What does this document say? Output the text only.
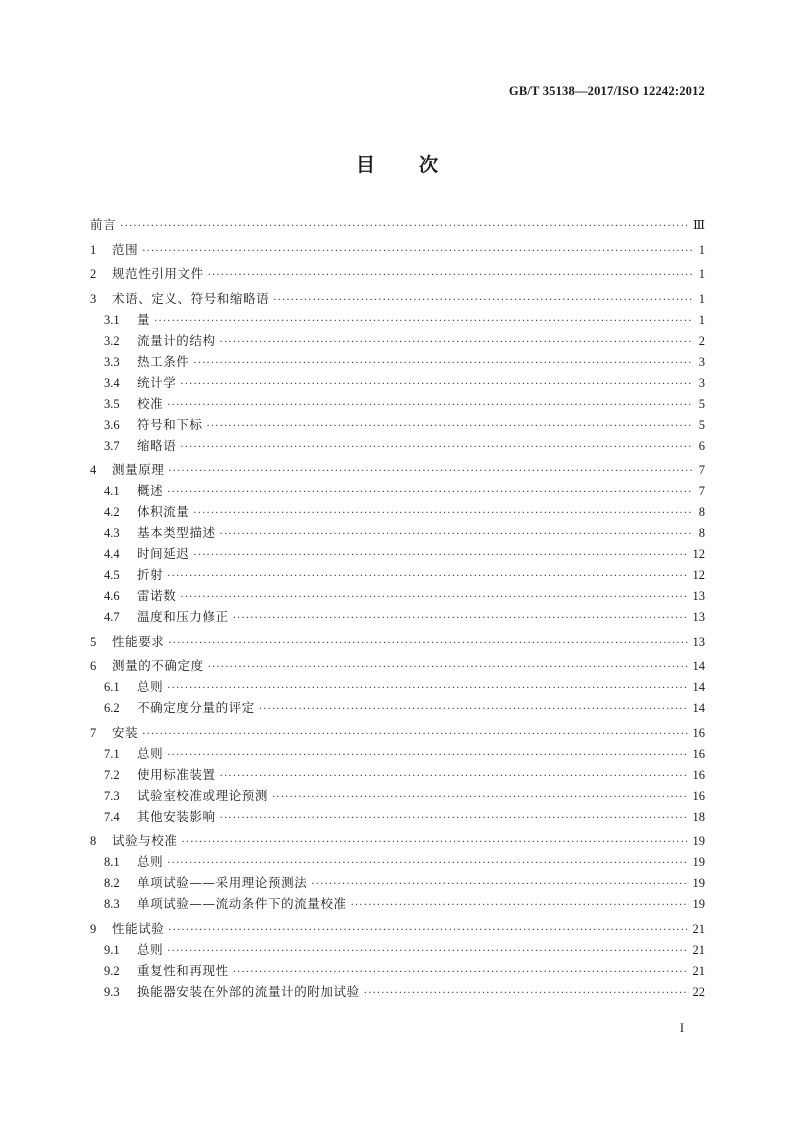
GB/T 35138—2017/ISO 12242:2012
目次
前言 ·····	Ⅲ
1	范围 ·····	1
2	规范性引用文件 ·····	1
3	术语、定义、符号和缩略语 ·····	1
3.1	量 ·····	1
3.2	流量计的结构 ·····	2
3.3	热工条件 ·····	3
3.4	统计学 ·····	3
3.5	校准 ·····	5
3.6	符号和下标 ·····	5
3.7	缩略语 ·····	6
4	测量原理 ·····	7
4.1	概述 ·····	7
4.2	体积流量 ·····	8
4.3	基本类型描述 ·····	8
4.4	时间延迟 ·····	12
4.5	折射 ·····	12
4.6	雷诺数 ·····	13
4.7	温度和压力修正 ·····	13
5	性能要求 ·····	13
6	测量的不确定度 ·····	14
6.1	总则 ·····	14
6.2	不确定度分量的评定 ·····	14
7	安装 ·····	16
7.1	总则 ·····	16
7.2	使用标准装置 ·····	16
7.3	试验室校准或理论预测 ·····	16
7.4	其他安装影响 ·····	18
8	试验与校准 ·····	19
8.1	总则 ·····	19
8.2	单项试验——采用理论预测法 ·····	19
8.3	单项试验——流动条件下的流量校准 ·····	19
9	性能试验 ·····	21
9.1	总则 ·····	21
9.2	重复性和再现性 ·····	21
9.3	换能器安装在外部的流量计的附加试验 ·····	22
I
